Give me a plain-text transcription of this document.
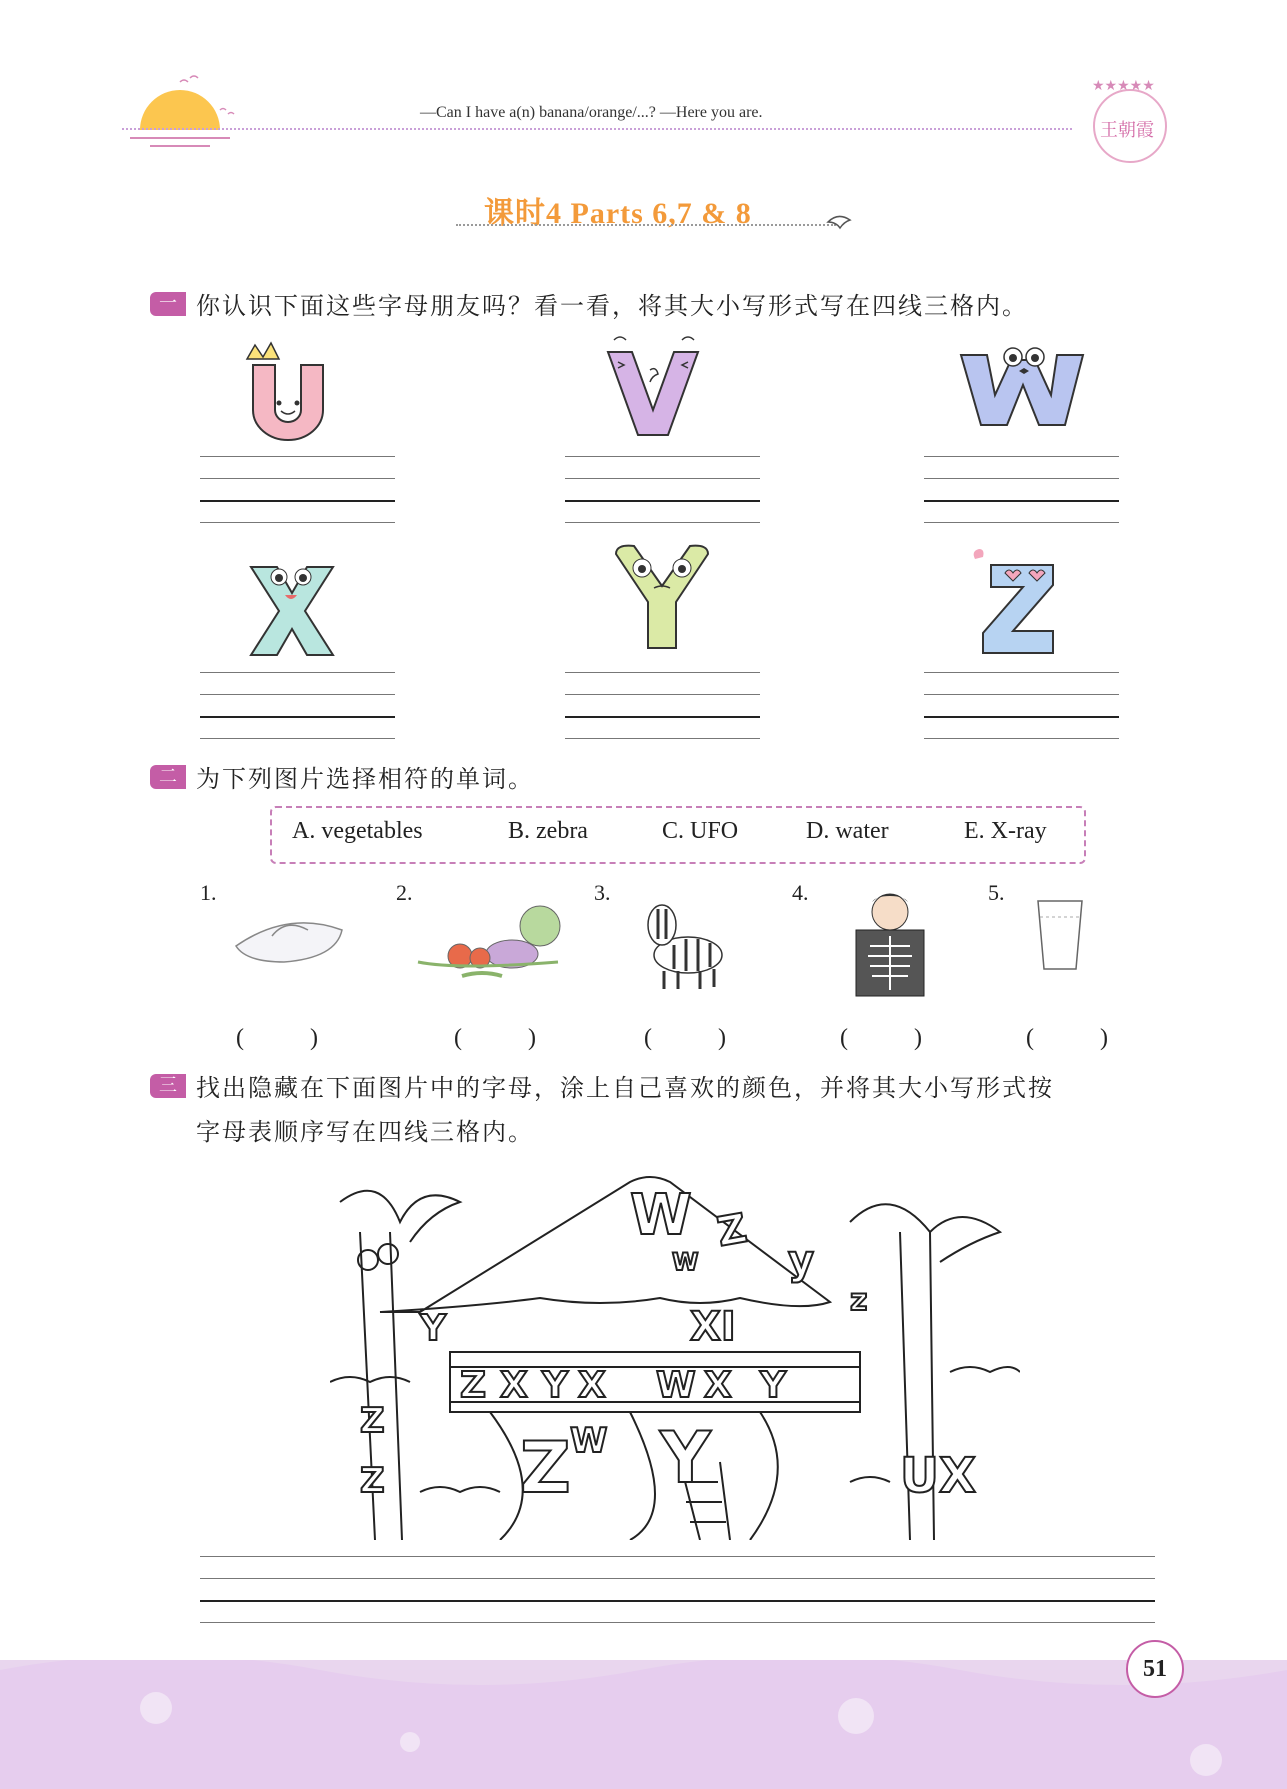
—Can I have a(n) banana/orange/...? —Here you are.
★★★★★
王朝霞
课时4 Parts 6,7 & 8
一 你认识下面这些字母朋友吗？看一看，将其大小写形式写在四线三格内。
二 为下列图片选择相符的单词。
A. vegetables	B. zebra	C. UFO	D. water	E. X-ray
1.	2.	3.	4.	5.
( )	( )	( )	( )	( )
三 找出隐藏在下面图片中的字母，涂上自己喜欢的颜色，并将其大小写形式按
字母表顺序写在四线三格内。
W
W
Z
y
z
XI
Y
Z X Y X W X Y
Z
Z
W
Z Y	UX
51
